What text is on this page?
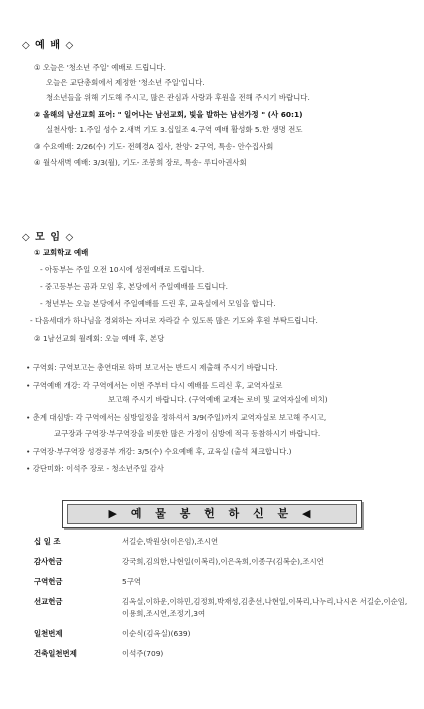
◇ 예 배 ◇
① 오늘은 '청소년 주일' 예배로 드립니다.
오늘은 교단총회에서 제정한 '청소년 주일'입니다.
청소년들을 위해 기도해 주시고, 많은 관심과 사랑과 후원을 전해 주시기 바랍니다.
② 올해의 남선교회 표어: " 일어나는 남선교회, 빛을 발하는 남선가정 " (사 60:1)
실천사항: 1.주일 성수 2.새벽 기도 3.십일조 4.구역 예배 활성화 5.한 생명 전도
③ 수요예배: 2/26(수) 기도- 전혜경A 집사, 찬양- 2구역, 특송- 안수집사회
④ 월삭새벽 예배: 3/3(월), 기도- 조봉희 장로, 특송- 루디아권사회
◇ 모 임 ◇
① 교회학교 예배
- 아동부는 주일 오전 10시에 성전예배로 드립니다.
- 중고등부는 곰과 모임 후, 본당에서 주일예배를 드립니다.
- 청년부는 오늘 본당에서 주일예배를 드린 후, 교육실에서 모임을 합니다.
- 다음세대가 하나님을 경외하는 자녀로 자라갈 수 있도록 많은 기도와 후원 부탁드립니다.
② 1남선교회 월례회: 오늘 예배 후, 본당
• 구역회: 구역보고는 총연대로 하며 보고서는 반드시 제출해 주시기 바랍니다.
• 구역예배 개강: 각 구역에서는 이번 주부터 다시 예배를 드리신 후, 교역자실로
보고해 주시기 바랍니다. (구역예배 교재는 로비 및 교역자실에 비치)
• 춘계 대심방: 각 구역에서는 심방일정을 정하셔서 3/9(주일)까지 교역자실로 보고해 주시고,
교구장과 구역장·부구역장을 비롯한 많은 가정이 심방에 적극 동참하시기 바랍니다.
• 구역장·부구역장 성경공부 개강: 3/5(수) 수요예배 후, 교육실 (출석 체크합니다.)
• 강단미화: 이석주 장로 - 청소년주일 감사
▶ 예 물 봉 헌 하 신 분 ◀
십 일 조	서길순,박원상(이은임),조시연
감사헌금	강국희,김의한,나현일(이복리),이은옥희,이종구(김복순),조시연
구역헌금	5구역
선교헌금	김옥실,이하운,이하민,김정희,박재성,김춘선,나현일,이복리,나누리,나시온 서길순,이순임,이용희,조시연,조정기,3여
일천번제	이순식(김옥실)(639)
건축일천번제	이석주(709)
